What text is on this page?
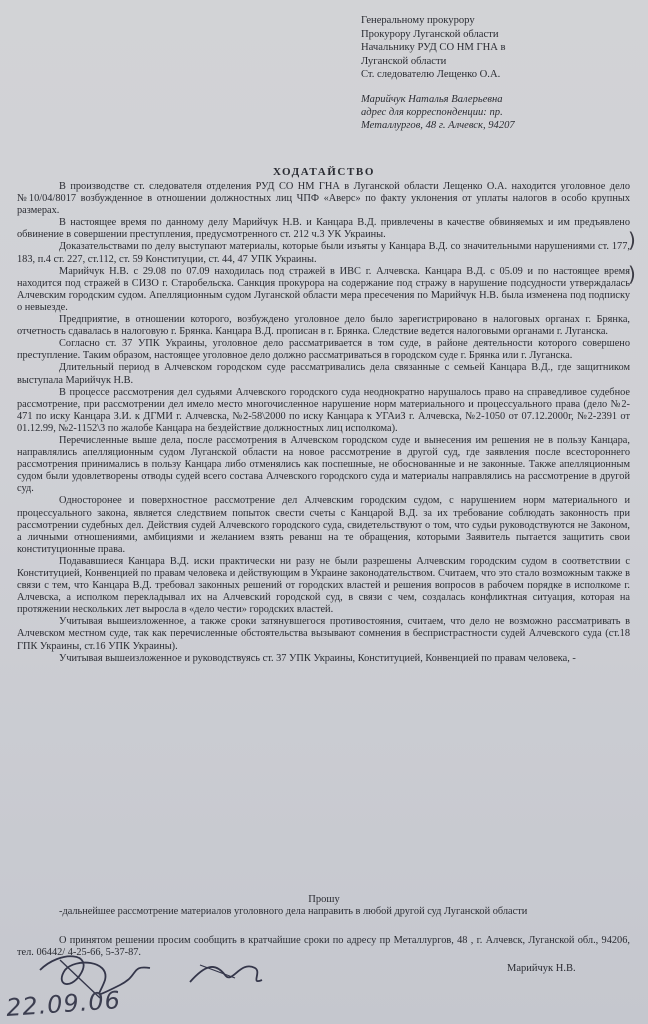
Генеральному прокурору
Прокурору Луганской области
Начальнику РУД СО НМ ГНА в
Луганской области
Ст. следователю Лещенко О.А.
Марийчук Наталья Валерьевна
адрес для корреспонденции: пр.
Металлургов, 48 г. Алчевск, 94207
ХОДАТАЙСТВО

В производстве ст. следователя отделения РУД СО НМ ГНА в Луганской области Лещенко О.А. находится уголовное дело №10/04/8017 возбужденное в отношении должностных лиц ЧПФ «Аверс» по факту уклонения от уплаты налогов в особо крупных размерах.

В настоящее время по данному делу Марийчук Н.В. и Канцара В.Д. привлечены в качестве обвиняемых и им предъявлено обвинение в совершении преступления, предусмотренного ст. 212 ч.3 УК Украины.

Доказательствами по делу выступают материалы, которые были изъяты у Канцара В.Д. со значительными нарушениями ст. 177, 183, п.4 ст. 227, ст.112, ст. 59 Конституции, ст. 44, 47 УПК Украины.

Марийчук Н.В. с 29.08 по 07.09 находилась под стражей в ИВС г. Алчевска. Канцара В.Д. с 05.09 и по настоящее время находится под стражей в СИЗО г. Старобельска. Санкция прокурора на содержание под стражу в нарушение подсудности утверждалась Алчевским городским судом. Апелляционным судом Луганской области мера пресечения по Марийчук Н.В. была изменена под подписку о невыезде.

Предприятие, в отношении которого, возбуждено уголовное дело было зарегистрировано в налоговых органах г. Брянка, отчетность сдавалась в налоговую г. Брянка. Канцара В.Д. прописан в г. Брянка. Следствие ведется налоговыми органами г. Луганска.

Согласно ст. 37 УПК Украины, уголовное дело рассматривается в том суде, в районе деятельности которого совершено преступление. Таким образом, настоящее уголовное дело должно рассматриваться в городском суде г. Брянка или г. Луганска.

Длительный период в Алчевском городском суде рассматривались дела связанные с семьей Канцара В.Д., где защитником выступала Марийчук Н.В.

В процессе рассмотрения дел судьями Алчевского городского суда неоднократно нарушалось право на справедливое судебное рассмотрение, при рассмотрении дел имело место многочисленное нарушение норм материального и процессуального права (дело №2-471 по иску Канцара З.И. к ДГМИ г. Алчевска, №2-58\2000 по иску Канцара к УГАиЗ г. Алчевска, №2-1050 от 07.12.2000г, №2-2391 от 01.12.99, №2-1152\3 по жалобе Канцара на бездействие должностных лиц исполкома).

Перечисленные выше дела, после рассмотрения в Алчевском городском суде и вынесения им решения не в пользу Канцара, направлялись апелляционным судом Луганской области на новое рассмотрение в другой суд, где заявления после всестороннего рассмотрения принимались в пользу Канцара либо отменялись как поспешные, не обоснованные и не законные. Также апелляционным судом были удовлетворены отводы судей всего состава Алчевского городского суда и материалы направлялись на рассмотрение в другой суд.

Односторонее и поверхностное рассмотрение дел Алчевским городским судом, с нарушением норм материального и процессуального закона, является следствием попыток свести счеты с Канцарой В.Д. за их требование соблюдать законность при рассмотрении судебных дел. Действия судей Алчевского городского суда, свидетельствуют о том, что судьи руководствуются не Законом, а личными отношениями, амбициями и желанием взять реванш на те обращения, которыми Заявитель пытается защитить свои конституционные права.

Подававшиеся Канцара В.Д. иски практически ни разу не были разрешены Алчевским городским судом в соответствии с Конституцией, Конвенцией по правам человека и действующим в Украине законодательством. Считаем, что это стало возможным также в связи с тем, что Канцара В.Д. требовал законных решений от городских властей и решения вопросов в рабочем порядке в исполкоме г. Алчевска, а исполком перекладывал их на Алчевский городской суд, в связи с чем, создалась конфликтная ситуация, которая на протяжении нескольких лет выросла в «дело чести» городских властей.

Учитывая вышеизложенное, а также сроки затянувшегося противостояния, считаем, что дело не возможно рассматривать в Алчевском местном суде, так как перечисленные обстоятельства вызывают сомнения в беспристрастности судей Алчевского суда (ст.18 ГПК Украины, ст.16 УПК Украины).

Учитывая вышеизложенное и руководствуясь ст. 37 УПК Украины, Конституцией, Конвенцией по правам человека, -

)
)
Прошу
-дальнейшее рассмотрение материалов уголовного дела направить в любой другой суд Луганской области
О принятом решении просим сообщить в кратчайшие сроки по адресу пр Металлургов, 48 , г. Алчевск, Луганской обл., 94206, тел. 06442/ 4-25-66, 5-37-87.
Марийчук Н.В.
22.09.06
